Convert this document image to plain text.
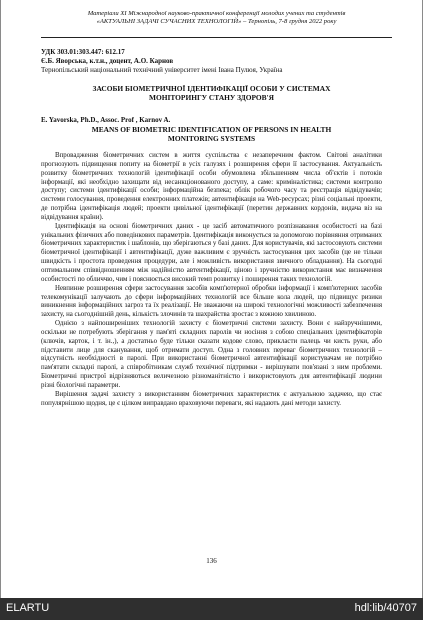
Матеріали ХІ Міжнародної науково-практичної конференції молодих учених та студентів
«АКТУАЛЬНІ ЗАДАЧІ СУЧАСНИХ ТЕХНОЛОГІЙ» – Тернопіль, 7-8 грудня 2022 року
УДК 303.01:303.447: 612.17
Є.Б. Яворська, к.т.н., доцент, А.О. Карнов
Тернопільський національний технічний університет імені Івана Пулюя, Україна
ЗАСОБИ БІОМЕТРИЧНОЇ ІДЕНТИФІКАЦІЇ ОСОБИ У СИСТЕМАХ
МОНІТОРИНГУ СТАНУ ЗДОРОВ'Я
E. Yavorska, Ph.D., Assoc. Prof , Karnov A.
MEANS OF BIOMETRIC IDENTIFICATION OF PERSONS IN HEALTH
MONITORING SYSTEMS

Впровадження біометричних систем в життя суспільства є незаперечним фактом. Світові аналітики прогнозують підвищення попиту на біометрії в усіх галузях і розширення сфери її застосування. Актуальність розвитку біометричних технологій ідентифікації особи обумовлена збільшенням числа об'єктів і потоків інформації, які необхідно захищати від несанкціонованого доступу, а саме: криміналістика; системи контролю доступу; системи ідентифікації особи; інформаційна безпека; облік робочого часу та реєстрація відвідувачів; системи голосування, проведення електронних платежів; автентифікація на Web-ресурсах; різні соціальні проекти, де потрібна ідентифікація людей; проекти цивільної ідентифікації (перетин державних кордонів, видача віз на відвідування країни).

Ідентифікація на основі біометричних даних - це засіб автоматичного розпізнавання особистості на базі унікальних фізичних або поведінкових параметрів. Ідентифікація виконується за допомогою порівняння отриманих біометричних характеристик і шаблонів, що зберігаються у базі даних. Для користувачів, які застосовують системи біометричної ідентифікації і автентифікації, дуже важливим є зручність застосування цих засобів (це не тільки швидкість і простота проведення процедури, але і можливість використання звичного обладнання). На сьогодні оптимальним співвідношенням між надійністю автентифікації, ціною і зручністю використання має визначення особистості по обличчю, чим і пояснюється високий темп розвитку і поширення таких технологій.

Невпинне розширення сфери застосування засобів комп'ютерної обробки інформації і комп'ютерних засобів телекомунікації залучають до сфери інформаційних технологій все більше кола людей, що підвищує ризики виникнення інформаційних загроз та їх реалізації. Не зважаючи на широкі технологічні можливості забезпечення захисту, на сьогоднішній день, кількість злочинів та шахрайства зростає з кожною хвилиною.

Однією з найпоширеніших технологій захисту є біометричні системи захисту. Вони є найзручнішими, оскільки не потребують зберігання у пам'яті складних паролів чи носіння з собою спеціальних ідентифікаторів (ключів, карток, і т. ін.,), а достатньо буде тільки сказати кодове слово, прикласти палець чи кисть руки, або підставити лице для сканування, щоб отримати доступ. Одна з головних переваг біометричних технологій – відсутність необхідності в паролі. При використанні біометричної автентифікації користувачам не потрібно пам'ятати складні паролі, а співробітникам служб технічної підтримки - вирішувати пов'язані з ним проблеми. Біометричні пристрої відрізняються величезною різноманітністю і використовують для автентифікації людини різні біологічні параметри.

Вирішення задачі захисту з використанням біометричних характеристик є актуальною задачею, що стає популярнішою щодня, це є цілком виправдано враховуючи переваги, які надають дані методи захисту.

136
ELARTU	hdl:lib/40707
